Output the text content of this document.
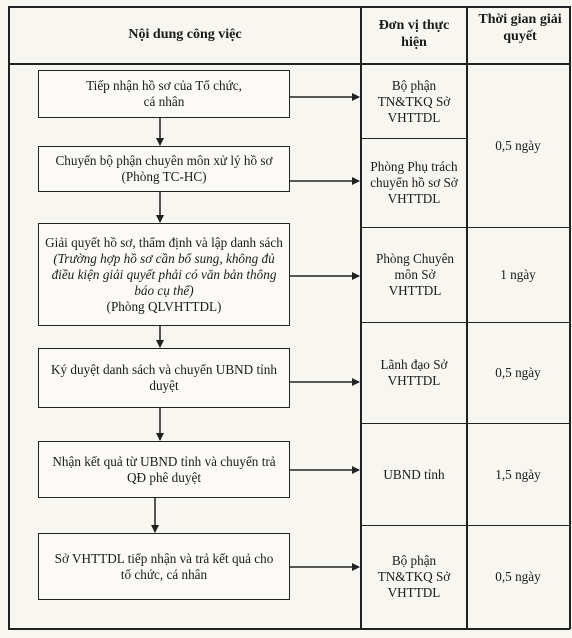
Nội dung công việc
Đơn vị thực hiện
Thời gian giải quyết
Tiếp nhận hồ sơ của Tổ chức, cá nhân
Chuyển bộ phận chuyên môn xử lý hồ sơ (Phòng TC-HC)
Giải quyết hồ sơ, thẩm định và lập danh sách (Trường hợp hồ sơ cần bổ sung, không đủ điều kiện giải quyết phải có văn bản thông báo cụ thể)
(Phòng QLVHTTDL)
Ký duyệt danh sách và chuyển UBND tỉnh duyệt
Nhận kết quả từ UBND tỉnh và chuyển trả QĐ phê duyệt
Sở VHTTDL tiếp nhận và trả kết quả cho tổ chức, cá nhân
Bộ phận TN&TKQ Sở VHTTDL
Phòng Phụ trách chuyển hồ sơ Sở VHTTDL
Phòng Chuyên môn Sở VHTTDL
Lãnh đạo Sở VHTTDL
UBND tỉnh
Bộ phận TN&TKQ Sở VHTTDL
0,5 ngày
1 ngày
0,5 ngày
1,5 ngày
0,5 ngày
